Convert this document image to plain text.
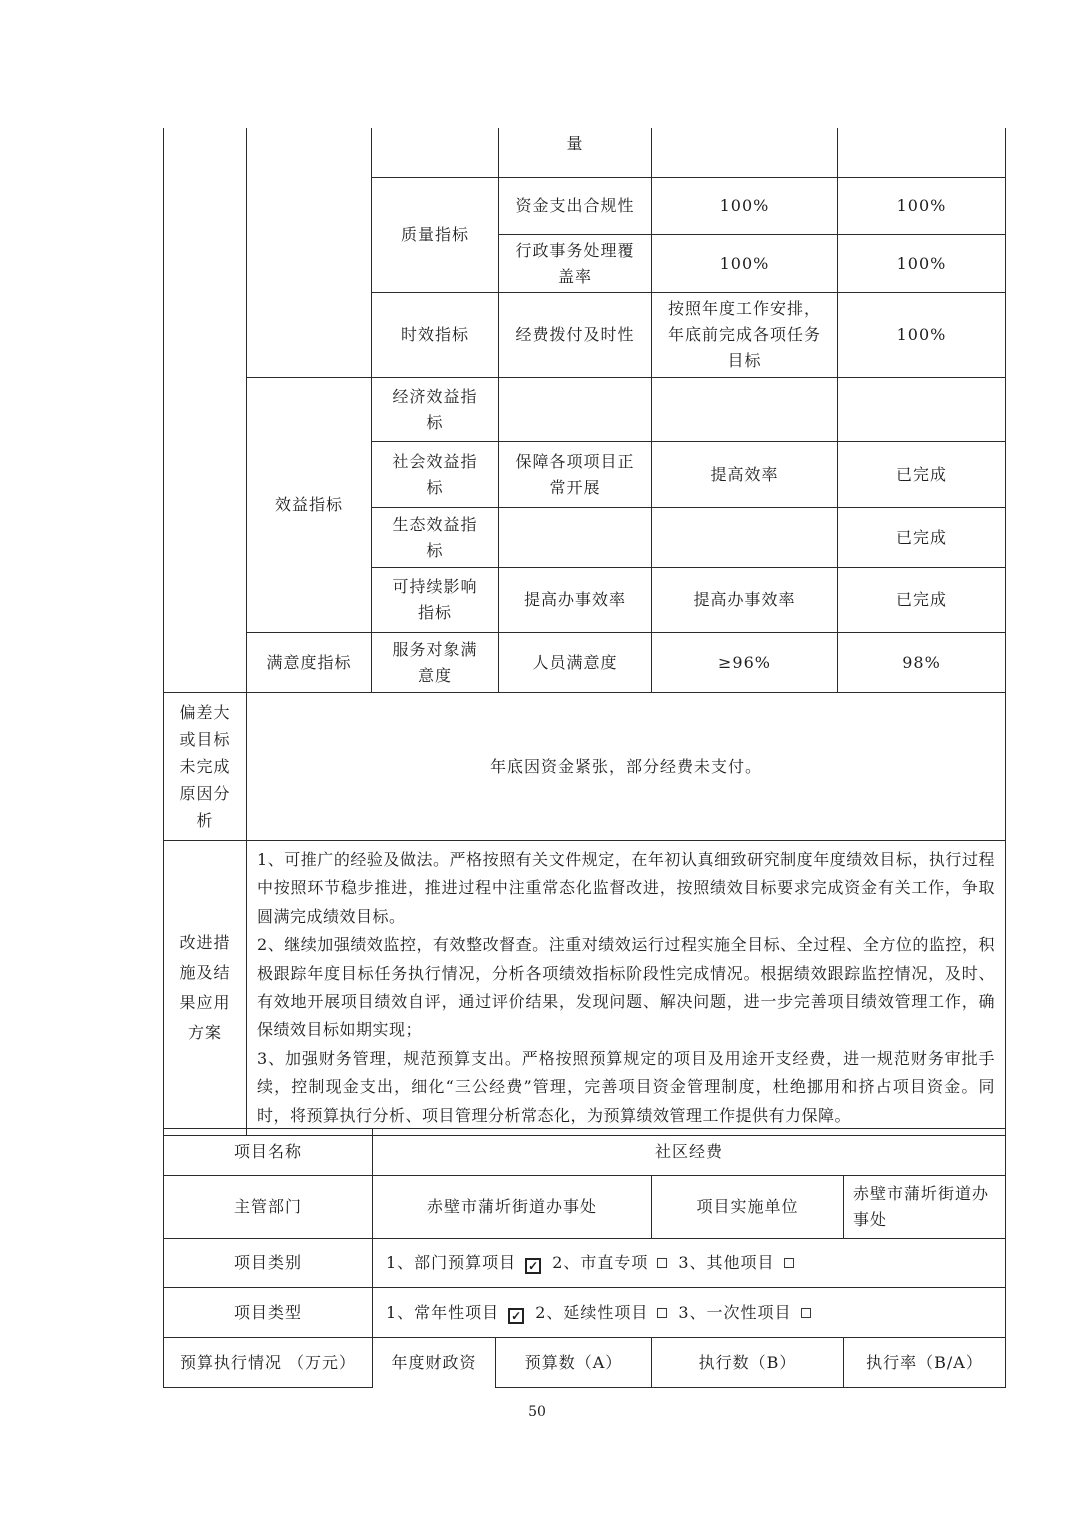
			量		
		质量指标	资金支出合规性	100%	100%
			行政事务处理覆盖率	100%	100%
		时效指标	经费拨付及时性	按照年度工作安排，年底前完成各项任务目标	100%
	效益指标	经济效益指标			
		社会效益指标	保障各项项目正常开展	提高效率	已完成
		生态效益指标			已完成
		可持续影响指标	提高办事效率	提高办事效率	已完成
	满意度指标	服务对象满意度	人员满意度	≥96%	98%
偏差大或目标未完成原因分析	年底因资金紧张，部分经费未支付。				
改进措施及结果应用方案	1、可推广的经验及做法。严格按照有关文件规定，在年初认真细致研究制度年度绩效目标，执行过程中按照环节稳步推进，推进过程中注重常态化监督改进，按照绩效目标要求完成资金有关工作，争取圆满完成绩效目标。

2、继续加强绩效监控，有效整改督查。注重对绩效运行过程实施全目标、全过程、全方位的监控，积极跟踪年度目标任务执行情况，分析各项绩效指标阶段性完成情况。根据绩效跟踪监控情况，及时、有效地开展项目绩效自评，通过评价结果，发现问题、解决问题，进一步完善项目绩效管理工作，确保绩效目标如期实现；

3、加强财务管理，规范预算支出。严格按照预算规定的项目及用途开支经费，进一规范财务审批手续，控制现金支出，细化“三公经费”管理，完善项目资金管理制度，杜绝挪用和挤占项目资金。同时，将预算执行分析、项目管理分析常态化，为预算绩效管理工作提供有力保障。				

项目名称	社区经费			
主管部门	赤壁市蒲圻街道办事处		项目实施单位	赤壁市蒲圻街道办事处
项目类别	1、部门预算项目 ✓ 2、市直专项 3、其他项目			
项目类型	1、常年性项目 ✓ 2、延续性项目 3、一次性项目			
预算执行情况 （万元）	年度财政资	预算数（A）	执行数（B）	执行率（B/A）
50
